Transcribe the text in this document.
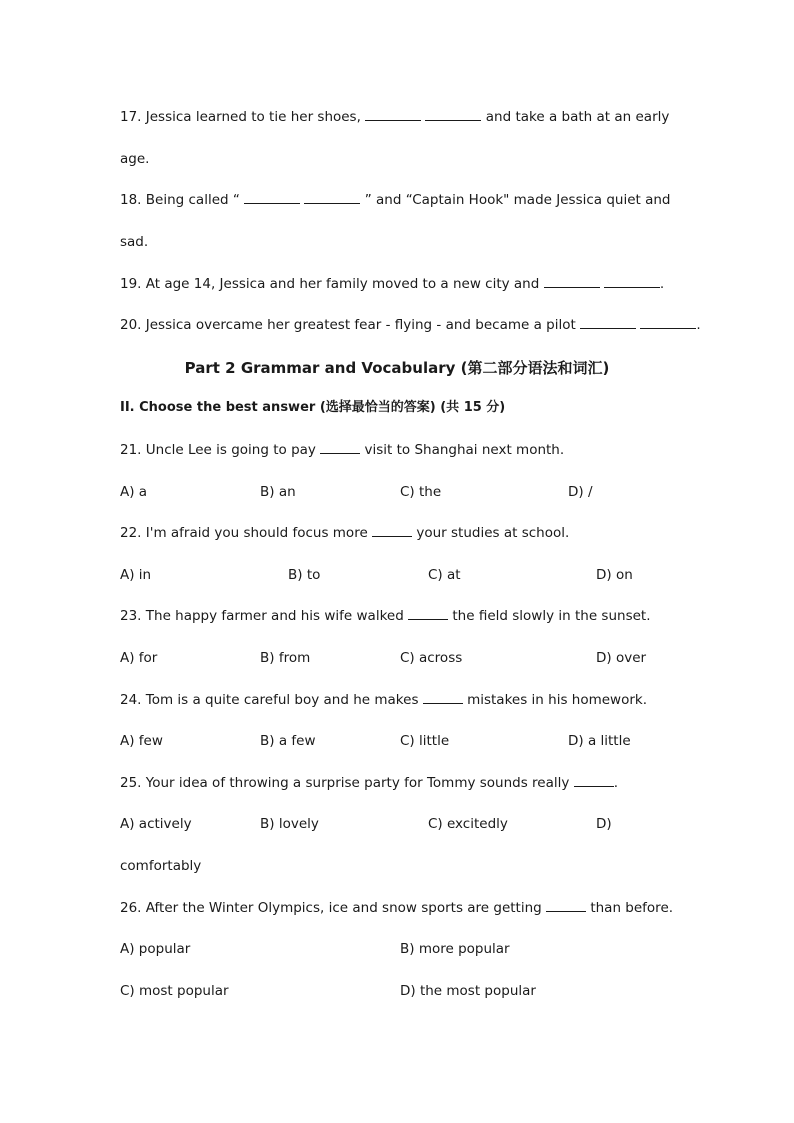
17. Jessica learned to tie her shoes,	and take a bath at an early
age.
18. Being called “	” and “Captain Hook" made Jessica quiet and
sad.
19. At age 14, Jessica and her family moved to a new city and	.
20. Jessica overcame her greatest fear - flying - and became a pilot	.
Part 2 Grammar and Vocabulary (第二部分语法和词汇)
II. Choose the best answer (选择最恰当的答案) (共 15 分)
21. Uncle Lee is going to pay	visit to Shanghai next month.
A) a	B) an	C) the	D) /
22. I'm afraid you should focus more	your studies at school.
A) in	B) to	C) at	D) on
23. The happy farmer and his wife walked	the field slowly in the sunset.
A) for	B) from	C) across	D) over
24. Tom is a quite careful boy and he makes	mistakes in his homework.
A) few	B) a few	C) little	D) a little
25. Your idea of throwing a surprise party for Tommy sounds really	.
A) actively	B) lovely	C) excitedly	D)
comfortably
26. After the Winter Olympics, ice and snow sports are getting	than before.
A) popular	B) more popular
C) most popular	D) the most popular
